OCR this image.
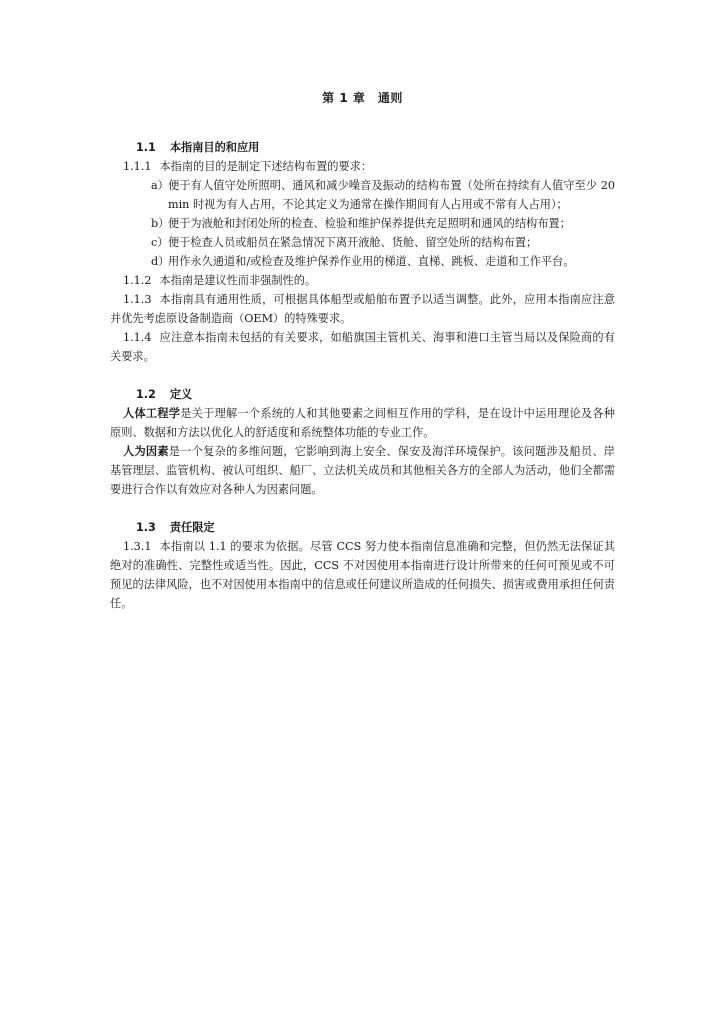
第 1 章　通则
1.1 本指南目的和应用

1.1.1 本指南的目的是制定下述结构布置的要求：

a）便于有人值守处所照明、通风和减少噪音及振动的结构布置（处所在持续有人值守至少 20 min 时视为有人占用，不论其定义为通常在操作期间有人占用或不常有人占用）；

b）便于为液舱和封闭处所的检查、检验和维护保养提供充足照明和通风的结构布置；

c）便于检查人员或船员在紧急情况下离开液舱、货舱、留空处所的结构布置；

d）用作永久通道和/或检查及维护保养作业用的梯道、直梯、跳板、走道和工作平台。

1.1.2 本指南是建议性而非强制性的。

1.1.3 本指南具有通用性质，可根据具体船型或船舶布置予以适当调整。此外，应用本指南应注意并优先考虑原设备制造商（OEM）的特殊要求。

1.1.4 应注意本指南未包括的有关要求，如船旗国主管机关、海事和港口主管当局以及保险商的有关要求。

1.2 定义

人体工程学是关于理解一个系统的人和其他要素之间相互作用的学科，是在设计中运用理论及各种原则、数据和方法以优化人的舒适度和系统整体功能的专业工作。

人为因素是一个复杂的多维问题，它影响到海上安全、保安及海洋环境保护。该问题涉及船员、岸基管理层、监管机构、被认可组织、船厂、立法机关成员和其他相关各方的全部人为活动，他们全都需要进行合作以有效应对各种人为因素问题。

1.3 责任限定

1.3.1 本指南以 1.1 的要求为依据。尽管 CCS 努力使本指南信息准确和完整，但仍然无法保证其绝对的准确性、完整性或适当性。因此，CCS 不对因使用本指南进行设计所带来的任何可预见或不可预见的法律风险，也不对因使用本指南中的信息或任何建议所造成的任何损失、损害或费用承担任何责任。
